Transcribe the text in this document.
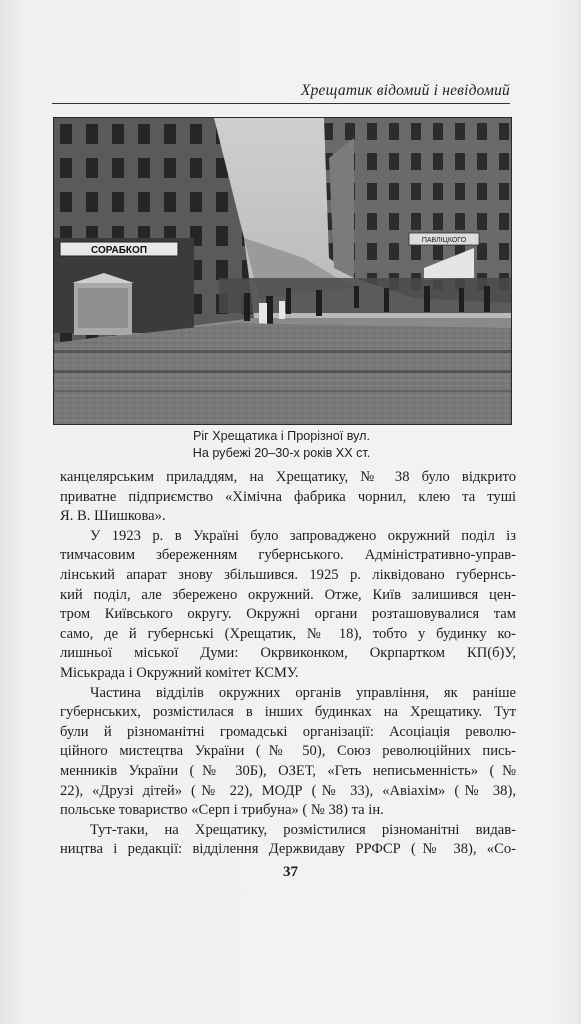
Хрещатик відомий і невідомий
СОРАБКОП
ПАВЛІЦКОГО
Ріг Хрещатика і Прорізної вул.
На рубежі 20–30-х років XX ст.
канцелярським приладдям, на Хрещатику, № 38 було відкрито
приватне підприємство «Хімічна фабрика чорнил, клею та туші
Я. В. Шишкова».
У 1923 р. в Україні було запроваджено окружний поділ із
тимчасовим збереженням губернського. Адміністративно-управ-
лінський апарат знову збільшився. 1925 р. ліквідовано губернсь-
кий поділ, але збережено окружний. Отже, Київ залишився цен-
тром Київського округу. Окружні органи розташовувалися там
само, де й губернські (Хрещатик, № 18), тобто у будинку ко-
лишньої міської Думи: Окрвиконком, Окрпартком КП(б)У,
Міськрада і Окружний комітет КСМУ.
Частина відділів окружних органів управління, як раніше
губернських, розмістилася в інших будинках на Хрещатику. Тут
були й різноманітні громадські організації: Асоціація револю-
ційного мистецтва України (№ 50), Союз революційних пись-
менників України (№ 30Б), ОЗЕТ, «Геть неписьменність» (№
22), «Друзі дітей» (№ 22), МОДР (№ 33), «Авіахім» (№ 38),
польське товариство «Серп і трибуна» ( № 38) та ін.
Тут-таки, на Хрещатику, розмістилися різноманітні видав-
ництва і редакції: відділення Держвидаву РРФСР (№ 38), «Со-
37
